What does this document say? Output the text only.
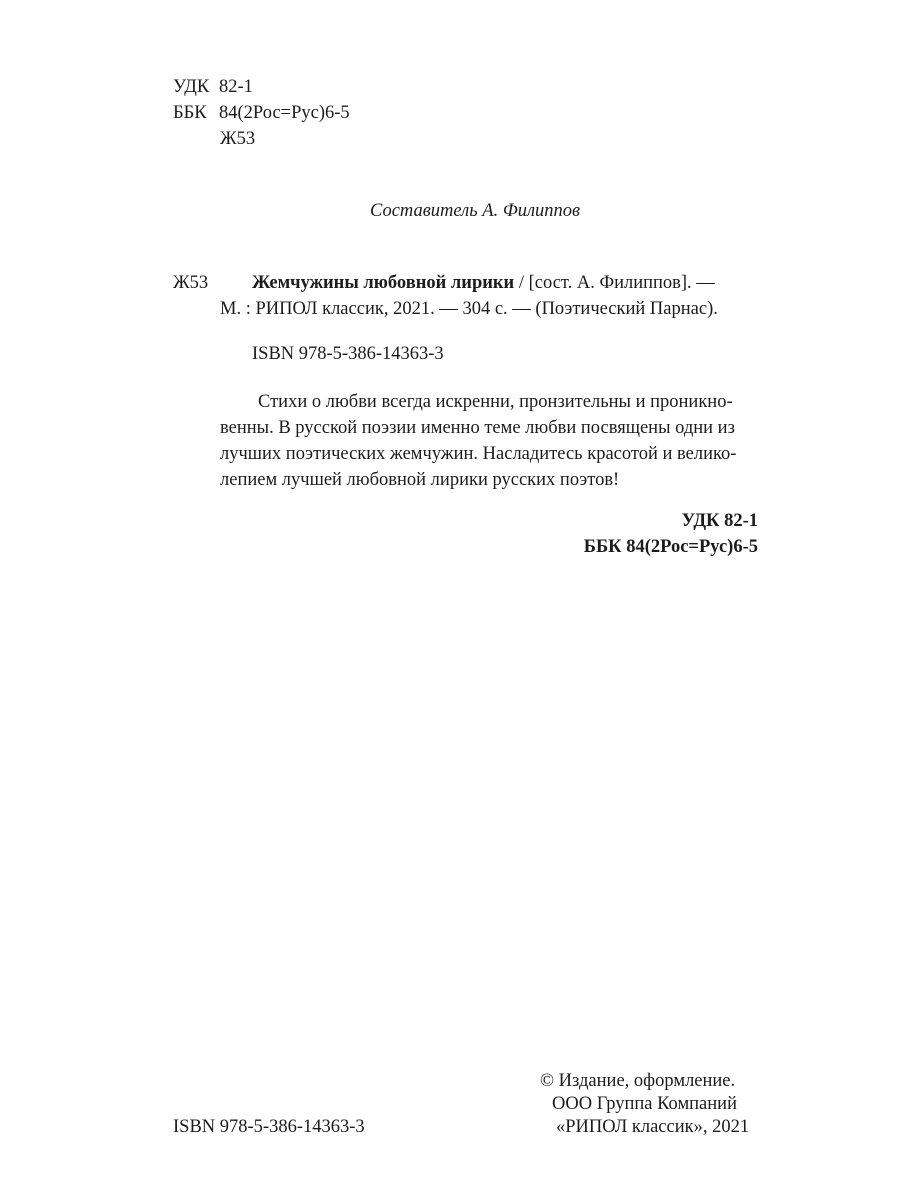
УДК 82-1
ББК 84(2Рос=Рус)6-5
Ж53
Составитель А. Филиппов
Ж53 Жемчужины любовной лирики / [сост. А. Филиппов]. —
М. : РИПОЛ классик, 2021. — 304 с. — (Поэтический Парнас).
ISBN 978-5-386-14363-3
Стихи о любви всегда искренни, пронзительны и проникно-
венны. В русской поэзии именно теме любви посвящены одни из
лучших поэтических жемчужин. Насладитесь красотой и велико-
лепием лучшей любовной лирики русских поэтов!
УДК 82-1
ББК 84(2Рос=Рус)6-5
© Издание, оформление.
ООО Группа Компаний
ISBN 978-5-386-14363-3	«РИПОЛ классик», 2021
